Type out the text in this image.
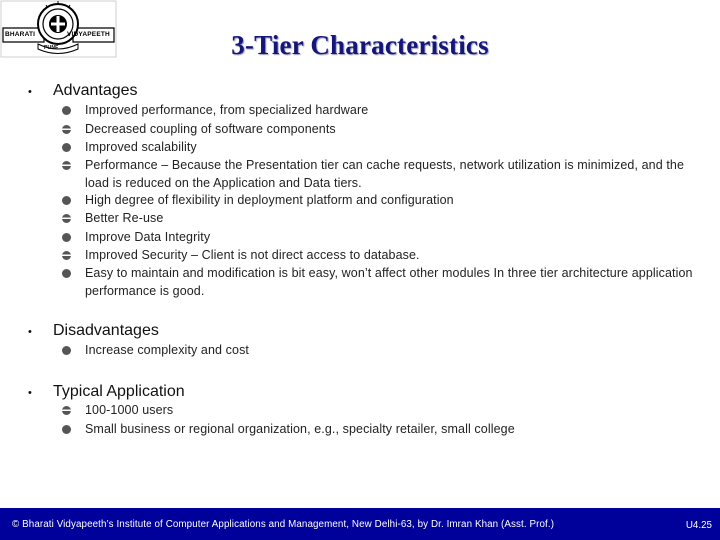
BHARATI	VIDYAPEETH
PUNE	3-Tier Characteristics
• Advantages
Improved performance, from specialized hardware
Decreased coupling of software components
Improved scalability
Performance – Because the Presentation tier can cache requests, network utilization is minimized, and the load is reduced on the Application and Data tiers.
High degree of flexibility in deployment platform and configuration
Better Re-use
Improve Data Integrity
Improved Security – Client is not direct access to database.
Easy to maintain and modification is bit easy, won’t affect other modules In three tier architecture application performance is good.
• Disadvantages
Increase complexity and cost
• Typical Application
100-1000 users
Small business or regional organization, e.g., specialty retailer, small college
© Bharati Vidyapeeth’s Institute of Computer Applications and Management, New Delhi-63, by Dr. Imran Khan (Asst. Prof.)	U4.25
